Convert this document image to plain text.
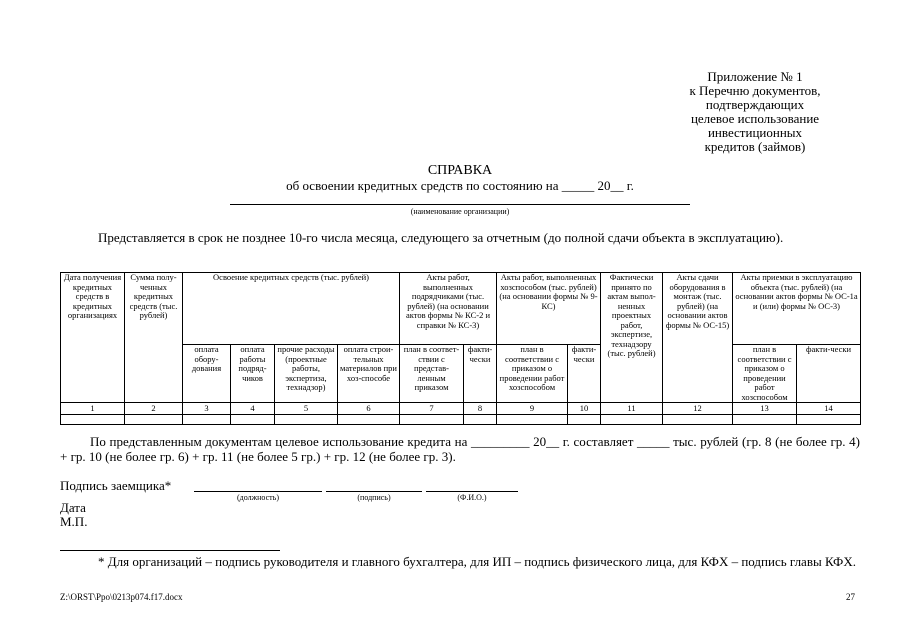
Приложение № 1
к Перечню документов,
подтверждающих
целевое использование
инвестиционных
кредитов (займов)
СПРАВКА
об освоении кредитных средств по состоянию на _____ 20__ г.
(наименование организации)
Представляется в срок не позднее 10-го числа месяца, следующего за отчетным (до полной сдачи объекта в эксплуатацию).
Дата получения кредитных средств в кредитных организациях	Сумма полу-ченных кредитных средств (тыс. рублей)	Освоение кредитных средств (тыс. рублей)				Акты работ, выполненных подрядчиками (тыс. рублей) (на основании актов формы № КС-2 и справки № КС-3)		Акты работ, выполненных хозспособом (тыс. рублей) (на основании формы № 9-КС)		Фактически принято по актам выпол-ненных проектных работ, экспертизе, технадзору (тыс. рублей)	Акты сдачи оборудования в монтаж (тыс. рублей) (на основании актов формы № ОС-15)	Акты приемки в эксплуатацию объекта (тыс. рублей) (на основании актов формы № ОС-1а и (или) формы № ОС-3)	
		оплата обору-дования	оплата работы подряд-чиков	прочие расходы (проектные работы, экспертиза, технадзор)	оплата строи-тельных материалов при хоз-способе	план в соответ-ствии с представ-ленным приказом	факти-чески	план в соответствии с приказом о проведении работ хозспособом	факти-чески			план в соответствии с приказом о проведении работ хозспособом	факти-чески
1	2	3	4	5	6	7	8	9	10	11	12	13	14

По представленным документам целевое использование кредита на _________ 20__ г. составляет _____ тыс. рублей (гр. 8 (не более гр. 4) + гр. 10 (не более гр. 6) + гр. 11 (не более 5 гр.) + гр. 12 (не более гр. 3).
Подпись заемщика*
(должность)	(подпись)	(Ф.И.О.)
Дата
М.П.
* Для организаций – подпись руководителя и главного бухгалтера, для ИП – подпись физического лица, для КФХ – подпись главы КФХ.
Z:\ORST\Ppo\0213p074.f17.docx	27
